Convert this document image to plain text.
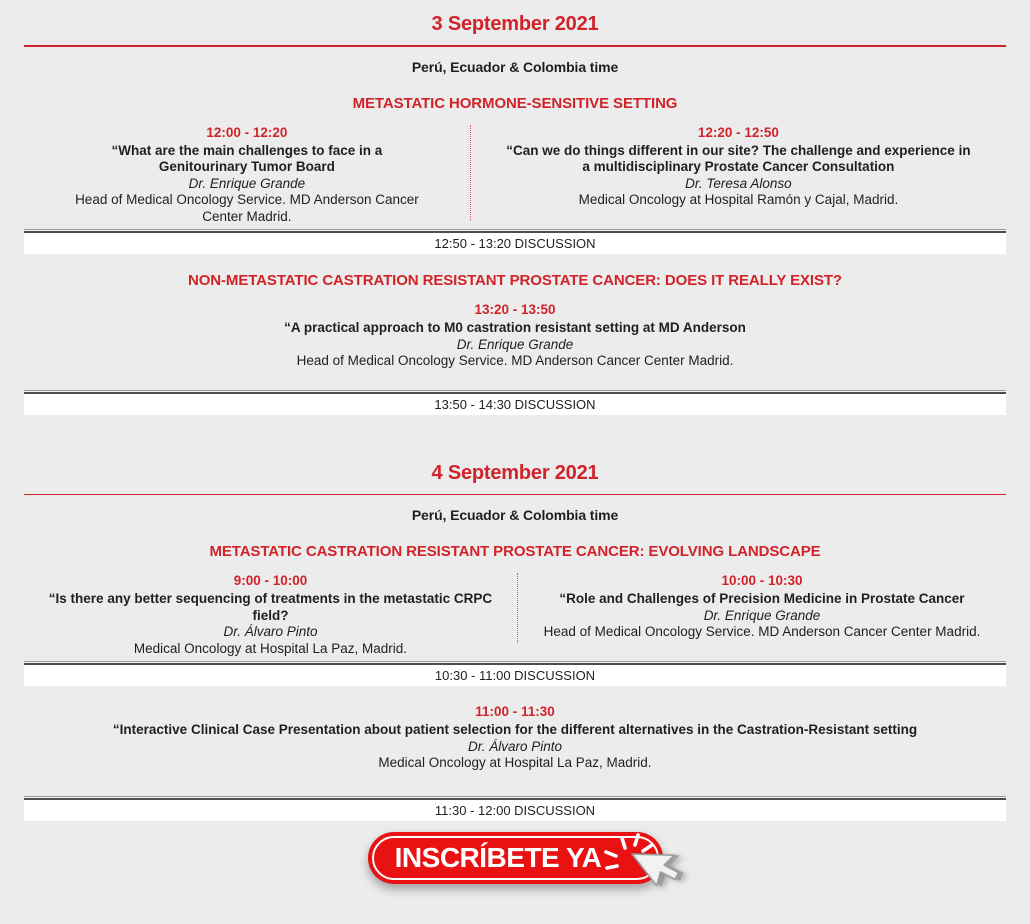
3 September 2021
Perú, Ecuador & Colombia time
METASTATIC HORMONE-SENSITIVE SETTING
12:00 - 12:20
“What are the main challenges to face in a Genitourinary Tumor Board
Dr. Enrique Grande
Head of Medical Oncology Service. MD Anderson Cancer Center Madrid.
12:20 - 12:50
“Can we do things different in our site? The challenge and experience in a multidisciplinary Prostate Cancer Consultation
Dr. Teresa Alonso
Medical Oncology at Hospital Ramón y Cajal, Madrid.
12:50 - 13:20 DISCUSSION
NON-METASTATIC CASTRATION RESISTANT PROSTATE CANCER: DOES IT REALLY EXIST?
13:20 - 13:50
“A practical approach to M0 castration resistant setting at MD Anderson
Dr. Enrique Grande
Head of Medical Oncology Service. MD Anderson Cancer Center Madrid.
13:50 - 14:30 DISCUSSION
4 September 2021
Perú, Ecuador & Colombia time
METASTATIC CASTRATION RESISTANT PROSTATE CANCER: EVOLVING LANDSCAPE
9:00 - 10:00
“Is there any better sequencing of treatments in the metastatic CRPC field?
Dr. Álvaro Pinto
Medical Oncology at Hospital La Paz, Madrid.
10:00 - 10:30
“Role and Challenges of Precision Medicine in Prostate Cancer
Dr. Enrique Grande
Head of Medical Oncology Service. MD Anderson Cancer Center Madrid.
10:30 - 11:00 DISCUSSION
11:00 - 11:30
“Interactive Clinical Case Presentation about patient selection for the different alternatives in the Castration-Resistant setting
Dr. Álvaro Pinto
Medical Oncology at Hospital La Paz, Madrid.
11:30 - 12:00 DISCUSSION
INSCRÍBETE YA
